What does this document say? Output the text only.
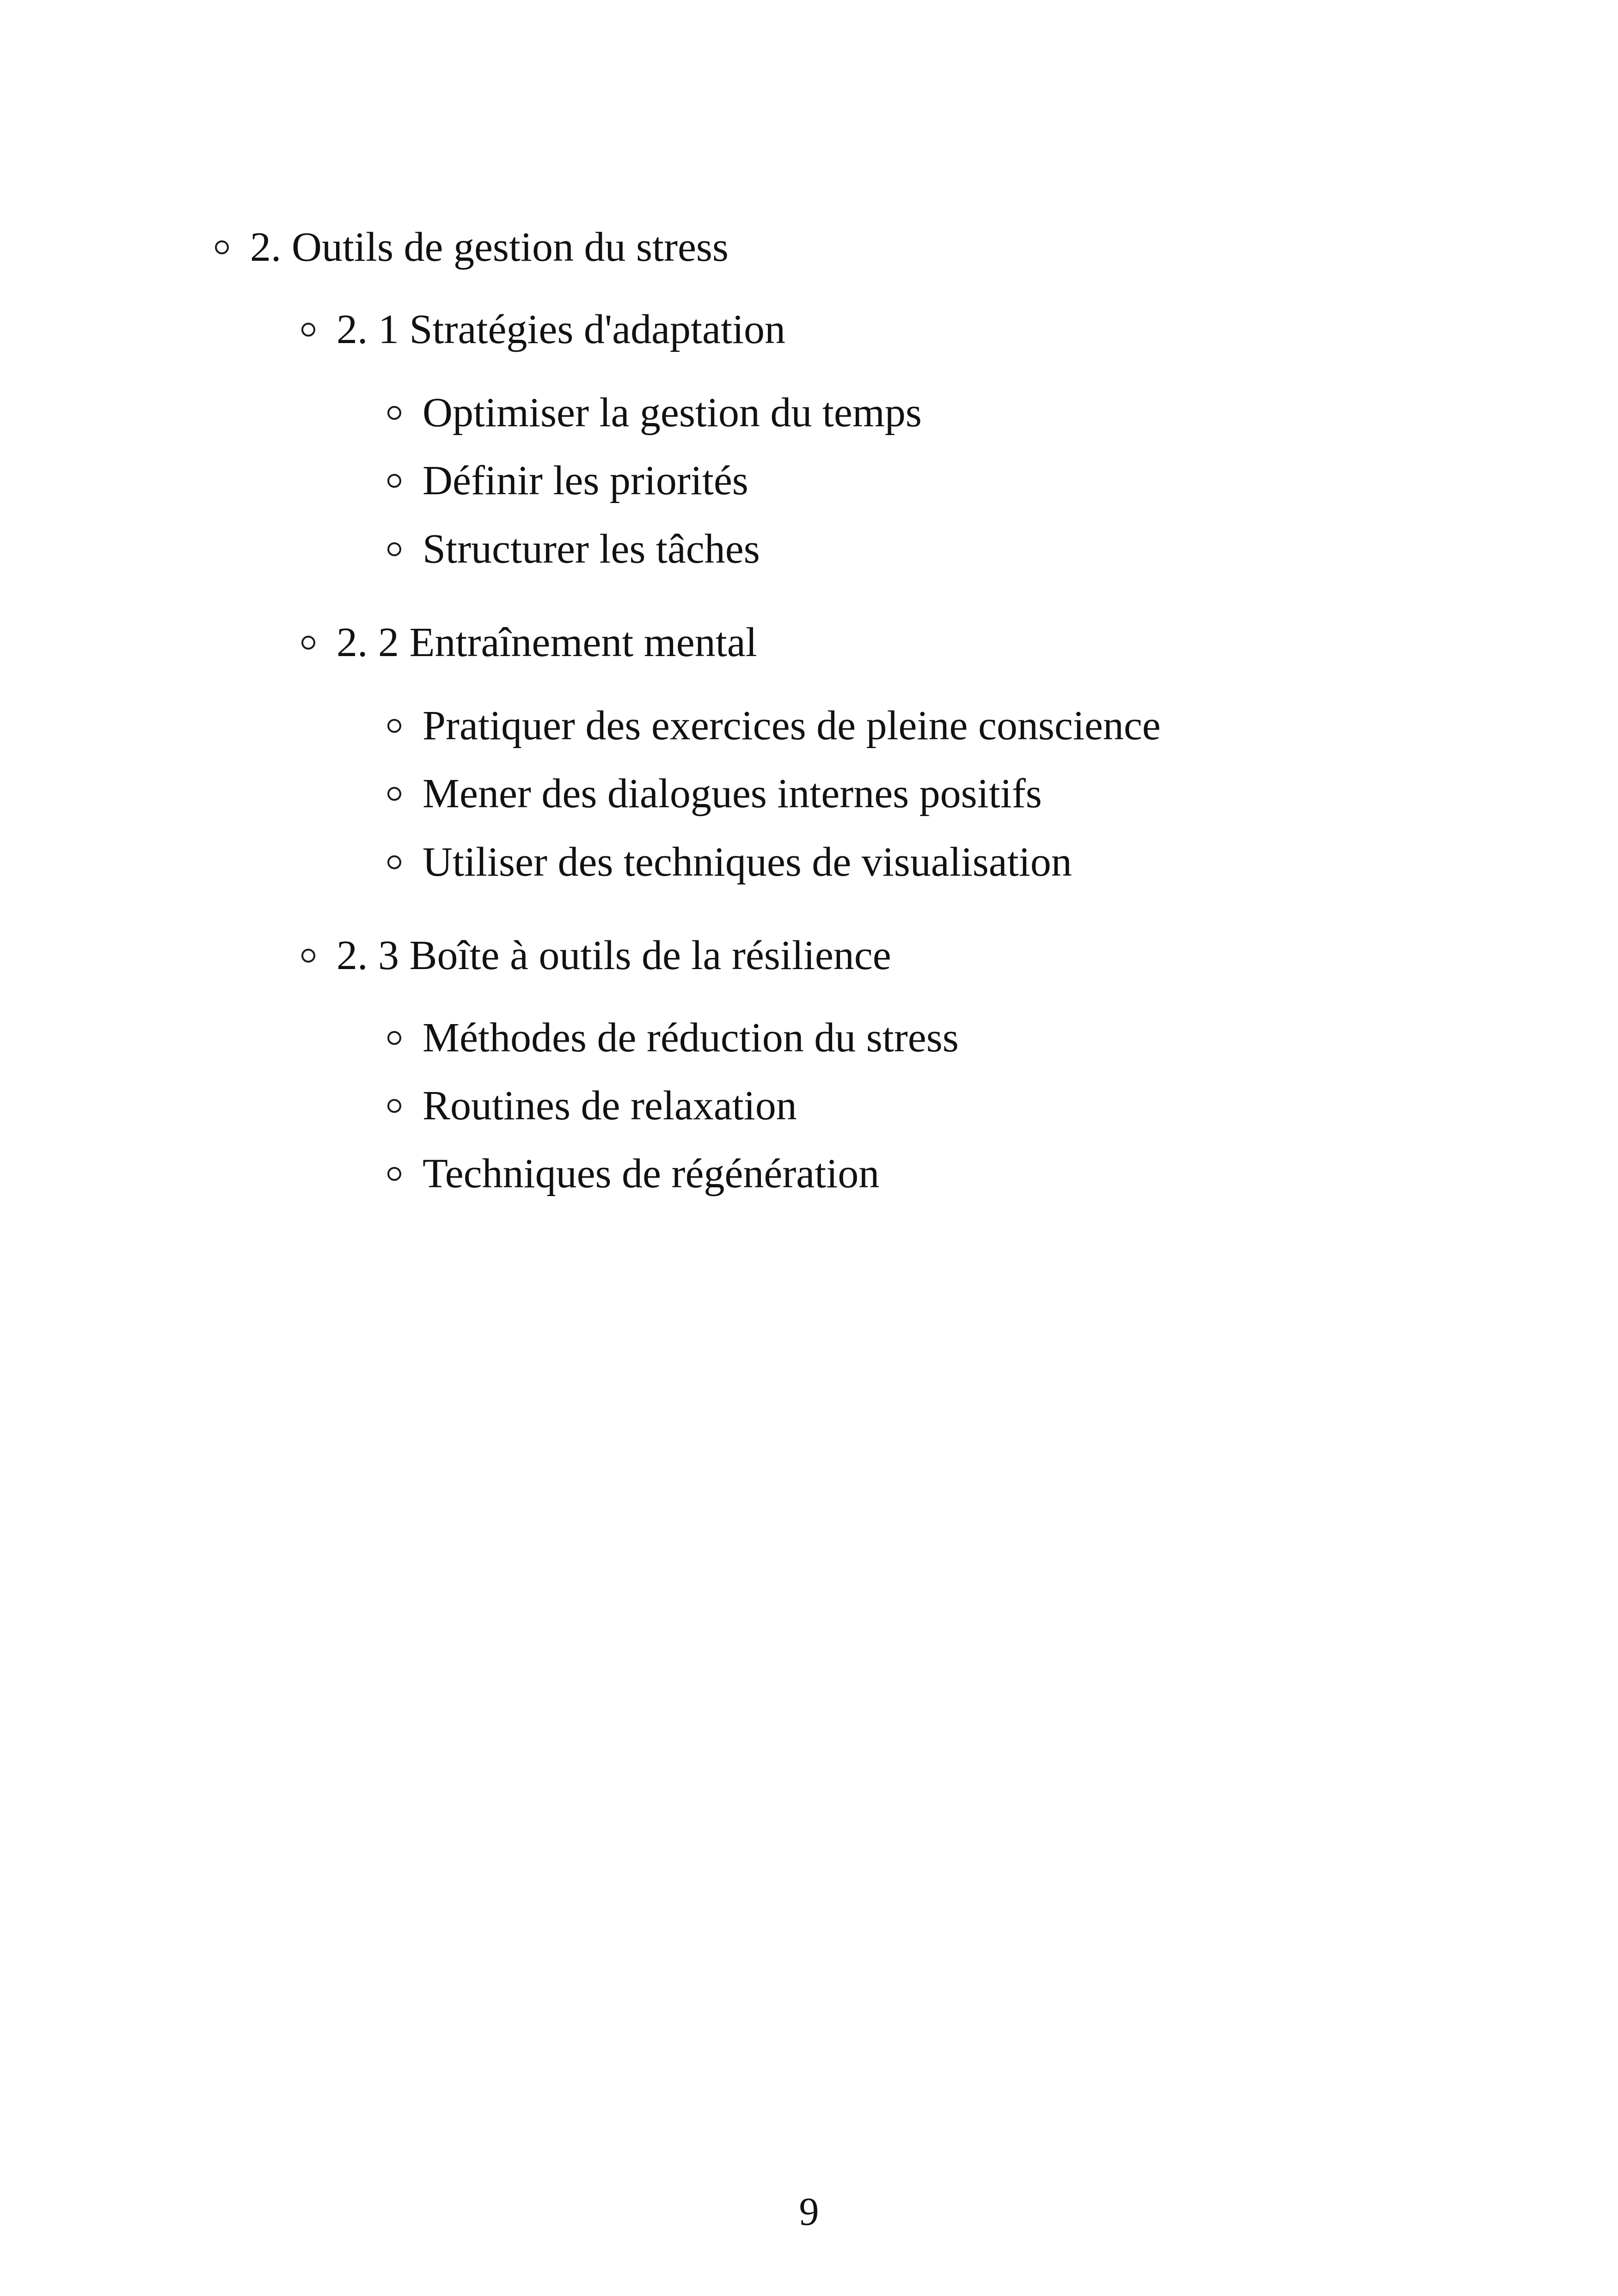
2. Outils de gestion du stress
2. 1 Stratégies d'adaptation
Optimiser la gestion du temps
Définir les priorités
Structurer les tâches
2. 2 Entraînement mental
Pratiquer des exercices de pleine conscience
Mener des dialogues internes positifs
Utiliser des techniques de visualisation
2. 3 Boîte à outils de la résilience
Méthodes de réduction du stress
Routines de relaxation
Techniques de régénération
9
